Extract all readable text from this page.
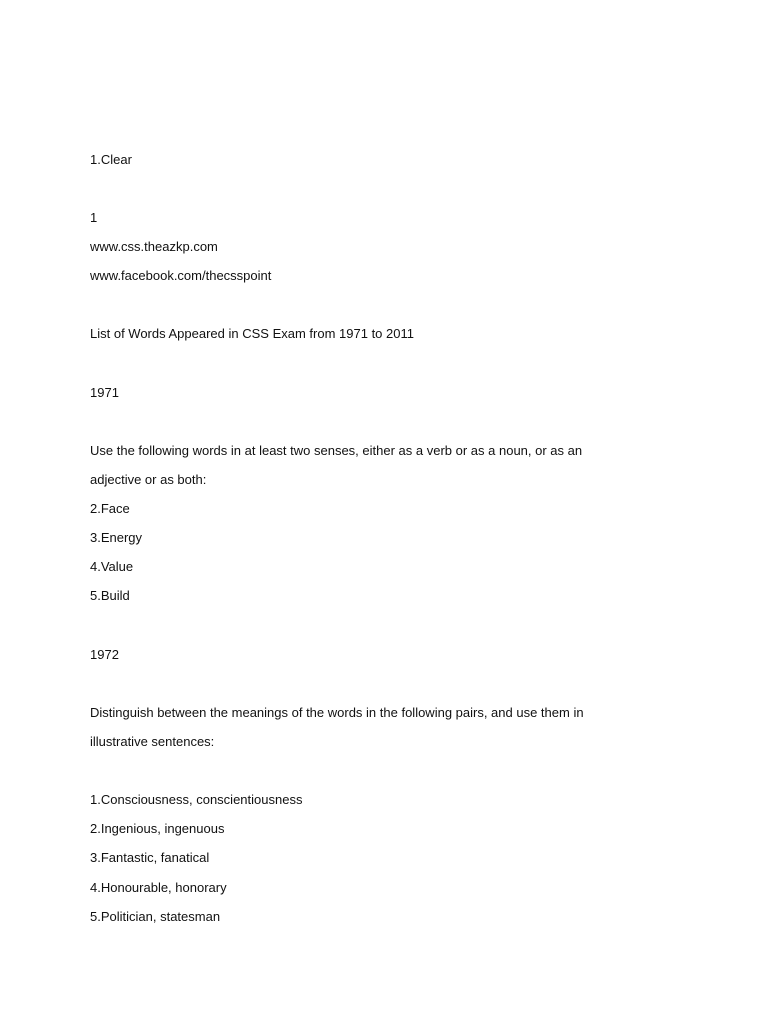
1.Clear
1
www.css.theazkp.com
www.facebook.com/thecsspoint
List of Words Appeared in CSS Exam from 1971 to 2011
1971
Use the following words in at least two senses, either as a verb or as a noun, or as an
adjective or as both:
2.Face
3.Energy
4.Value
5.Build
1972
Distinguish between the meanings of the words in the following pairs, and use them in
illustrative sentences:
1.Consciousness, conscientiousness
2.Ingenious, ingenuous
3.Fantastic, fanatical
4.Honourable, honorary
5.Politician, statesman
